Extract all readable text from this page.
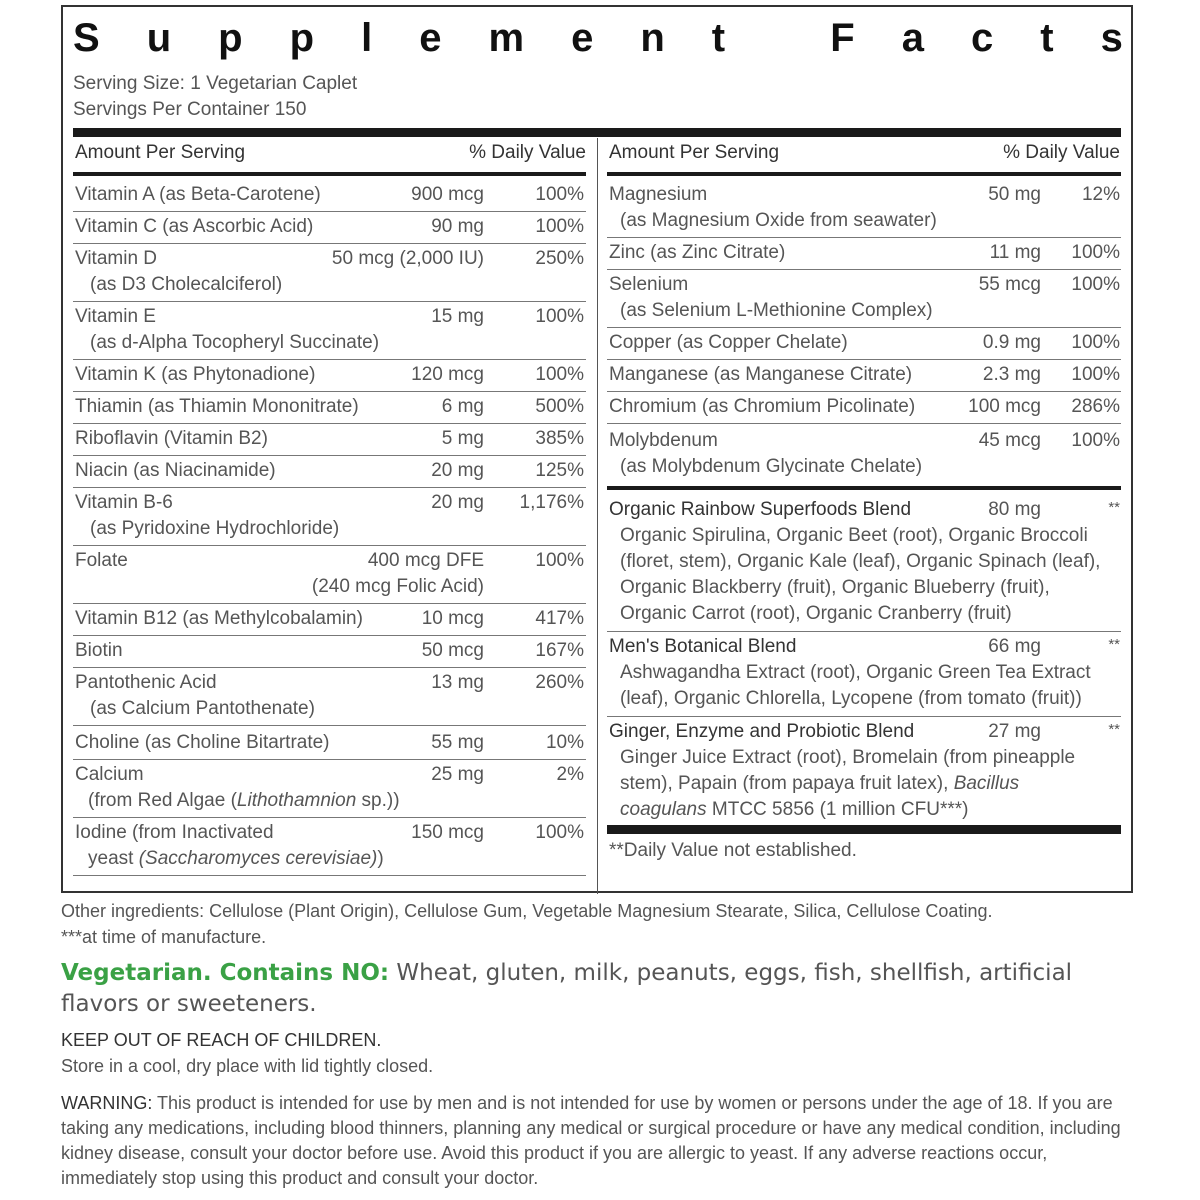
S u p p l e m e n t
	F a c t s
Serving Size: 1 Vegetarian Caplet
Servings Per Container 150
Amount Per Serving	% Daily Value Amount Per Serving	% Daily Value
Vitamin A (as Beta-Carotene)	900 mcg	100%
Vitamin C (as Ascorbic Acid)	90 mg	100%
Vitamin D	50 mcg (2,000 IU)	250%
(as D3 Cholecalciferol)
Vitamin E	15 mg	100%
(as d-Alpha Tocopheryl Succinate)
Vitamin K (as Phytonadione)	120 mcg	100%
Thiamin (as Thiamin Mononitrate)	6 mg	500%
Riboflavin (Vitamin B2)	5 mg	385%
Niacin (as Niacinamide)	20 mg	125%
Vitamin B-6	20 mg	1,176%
(as Pyridoxine Hydrochloride)
Folate	400 mcg DFE	100%
(240 mcg Folic Acid)
Vitamin B12 (as Methylcobalamin)	10 mcg	417%
Biotin	50 mcg	167%
Pantothenic Acid	13 mg	260%
(as Calcium Pantothenate)
Choline (as Choline Bitartrate)	55 mg	10%
Calcium	25 mg	2%
(from Red Algae (Lithothamnion sp.))
Iodine (from Inactivated	150 mcg	100%
yeast (Saccharomyces cerevisiae))
Magnesium	50 mg	12%
(as Magnesium Oxide from seawater)
Zinc (as Zinc Citrate)	11 mg	100%
Selenium	55 mcg	100%
(as Selenium L-Methionine Complex)
Copper (as Copper Chelate)	0.9 mg	100%
Manganese (as Manganese Citrate)	2.3 mg	100%
Chromium (as Chromium Picolinate)	100 mcg	286%
Molybdenum	45 mcg	100%
(as Molybdenum Glycinate Chelate)
Organic Rainbow Superfoods Blend	80 mg	**
Organic Spirulina, Organic Beet (root), Organic Broccoli
(floret, stem), Organic Kale (leaf), Organic Spinach (leaf),
Organic Blackberry (fruit), Organic Blueberry (fruit),
Organic Carrot (root), Organic Cranberry (fruit)
Men's Botanical Blend	66 mg	**
Ashwagandha Extract (root), Organic Green Tea Extract
(leaf), Organic Chlorella, Lycopene (from tomato (fruit))
Ginger, Enzyme and Probiotic Blend	27 mg	**
Ginger Juice Extract (root), Bromelain (from pineapple
stem), Papain (from papaya fruit latex), Bacillus
coagulans MTCC 5856 (1 million CFU***)
**Daily Value not established.
Other ingredients: Cellulose (Plant Origin), Cellulose Gum, Vegetable Magnesium Stearate, Silica, Cellulose Coating.
***at time of manufacture.
Vegetarian. Contains NO: Wheat, gluten, milk, peanuts, eggs, fish, shellfish, artificial flavors or sweeteners.
KEEP OUT OF REACH OF CHILDREN.
Store in a cool, dry place with lid tightly closed.
WARNING: This product is intended for use by men and is not intended for use by women or persons under the age of 18. If you are taking any medications, including blood thinners, planning any medical or surgical procedure or have any medical condition, including kidney disease, consult your doctor before use. Avoid this product if you are allergic to yeast. If any adverse reactions occur, immediately stop using this product and consult your doctor.
